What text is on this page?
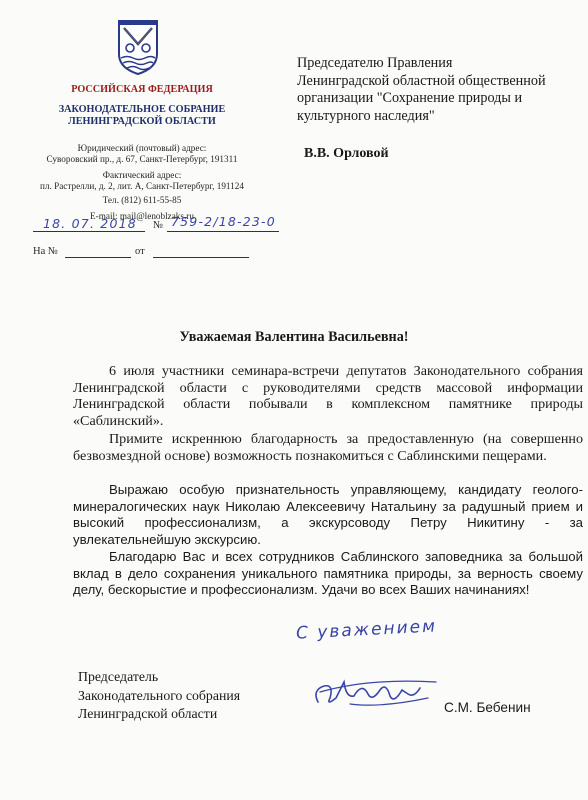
РОССИЙСКАЯ ФЕДЕРАЦИЯ
ЗАКОНОДАТЕЛЬНОЕ СОБРАНИЕ
ЛЕНИНГРАДСКОЙ ОБЛАСТИ
Юридический (почтовый) адрес:
Суворовский пр., д. 67, Санкт-Петербург, 191311
Фактический адрес:
пл. Растрелли, д. 2, лит. А, Санкт-Петербург, 191124
Тел. (812) 611-55-85
E-mail: mail@lenoblzaks.ru
18. 07. 2018 № 759-2/18-23-0
На №	от
Председателю Правления
Ленинградской областной общественной
организации "Сохранение природы и
культурного наследия"
В.В. Орловой
Уважаемая Валентина Васильевна!
6 июля участники семинара-встречи депутатов Законодательного собрания Ленинградской области с руководителями средств массовой информации Ленинградской области побывали в комплексном памятнике природы «Саблинский».
Примите искреннюю благодарность за предоставленную (на совершенно безвозмездной основе) возможность познакомиться с Саблинскими пещерами.
Выражаю особую признательность управляющему, кандидату геолого-минералогических наук Николаю Алексеевичу Натальину за радушный прием и высокий профессионализм, а экскурсоводу Петру Никитину - за увлекательнейшую экскурсию.
Благодарю Вас и всех сотрудников Саблинского заповедника за большой вклад в дело сохранения уникального памятника природы, за верность своему делу, бескорыстие и профессионализм. Удачи во всех Ваших начинаниях!
С уважением
Председатель
Законодательного собрания
Ленинградской области	С.М. Бебенин
